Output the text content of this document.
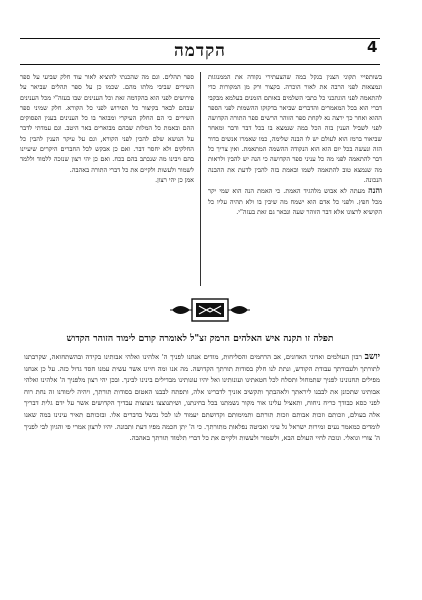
הקדמה	4

בשותפייי תקוני הצנין בגקל במה שהצעתירי נקודה את הממנוגות ונמצאות לפני הרבה את לאור הוכרה. בקצור ורק מן המקורות כדי להתאמה לפני הוגתכני כל כתבי השלמים באותם הזמנים בעלמא מבקבי דברי הוא בכל המאמרים והדברים שביאר בדקוקו ההשמות לפני הספר ההוא ואחר כך ירצה נא לקחת ספר הזוהר הרשים ספר התורה הקדושה לפני לשביל הענין בזה הכל במה שנמצא בו בכל דבר ודבר ומאחר שביאור ברמז הוא לעולם יש לו הבנה שלימה, כמו שאמרו אנשים בדור הזה ונעשה בכל יום הוא הוא הנקודה ההשמה המתאמת. ואין צריך כל דבר להתאמה לפני מה כל עניני ספר הקדושה כי הנה יש להבין ולראות מה שנמצא טוב להתאמה לשמו ובאמת בזה להבין לדעת את ההבנה הנכונה.

והנה מעתה לא אבוש מלהגיד האמת. כי האמת הנה הוא שמי יקר מכל חפץ. ולפני כל אדם הוא ישמח מה שיבין בו ולא תהיה עליו כל הקושיא לרצונו אלא דבר הזוהר שעה ונבאר גם זאת בעזה"י.

ספר תהלים. וגם מה שהכנתי להוציא לאור עוד חלק שביעי על ספר השירים שביבי מלתו מהם. שכמו כן על ספר תהלים שביאר על פירושים לפני הוא בהקדמה זאת וכל הענינים שבו בעזה"י מכל הענינים שבהם לבאר בקיצור כל הפירוש לפני כל הקורא. חלק שמיני ספר השירים כי הם החלק העיקרי ומבואר בו כל הענינים בענין הפסוקים ההם ובאמת כל המלות שבהם מבוארים באר היטב. וגם עמדתי לדבר על הנושא שלם להכין לפני הקורא, וגם על עיקר הענין להבין כל החלקים ולא יחסר דבר. ואם כן אבקש לכל החברים היקרים שיעיינו בהם ויבינו מה שנכתב בהם בכח. ואם כן יהי רצון שנזכה ללמוד וללמד לשמור ולעשות ולקיים את כל דברי התורה באהבה.

אמן כן יהי רצון.

תפלה זו תקנה איש האלהים הרמק זצ"ל לאומרה קודם לימוד הזוהר הקדוש

יושב רבון העולמים ואדוני האדונים, אב הרחמים והסליחות, מודים אנחנו לפניך ה' אלהינו ואלהי אבותינו בקידה ובהשתחואה, שקרבתנו לתורתך ולעבודתך עבודת הקודש, ונתת לנו חלק בסודות תורתך הקדושה. מה אנו ומה חיינו אשר עשית עמנו חסד גדול כזה. על כן אנחנו מפילים תחנונינו לפניך שתמחול ותסלח לכל חטאתינו ועונותינו ואל יהיו עונותינו מבדילים בינינו לבינך. ובכן יהי רצון מלפניך ה' אלהינו ואלהי אבותינו שתכונן את לבבנו ליראתך ולאהבתך ותקשיב אזניך לדברינו אלה, ותפתח לבבנו האטום בסודות תורתך, ויהיה לימודנו זה נחת רוח לפני כסא כבודך כריח ניחוח, ותאציל עלינו אור מקור נשמתנו בכל בחינתנו, ושיתנוצצו ניצוצות עבדיך הקדושים אשר על ידם גלית דבריך אלה בעולם, וזכותם וזכות אבותם וזכות תורתם ותמימותם וקדושתם יעמוד לנו לבל נכשל בדברים אלו. ובזכותם תאיר עינינו במה שאנו לומדים כמאמר נעים זמירות ישראל גל עיני ואביטה נפלאות מתורתך. כי ה' יתן חכמה מפיו דעת ותבונה. יהיו לרצון אמרי פי והגיון לבי לפניך ה' צורי וגואלי. ונזכה לחיי העולם הבא, ולשמור ולעשות ולקיים את כל דברי תלמוד תורתך באהבה.
